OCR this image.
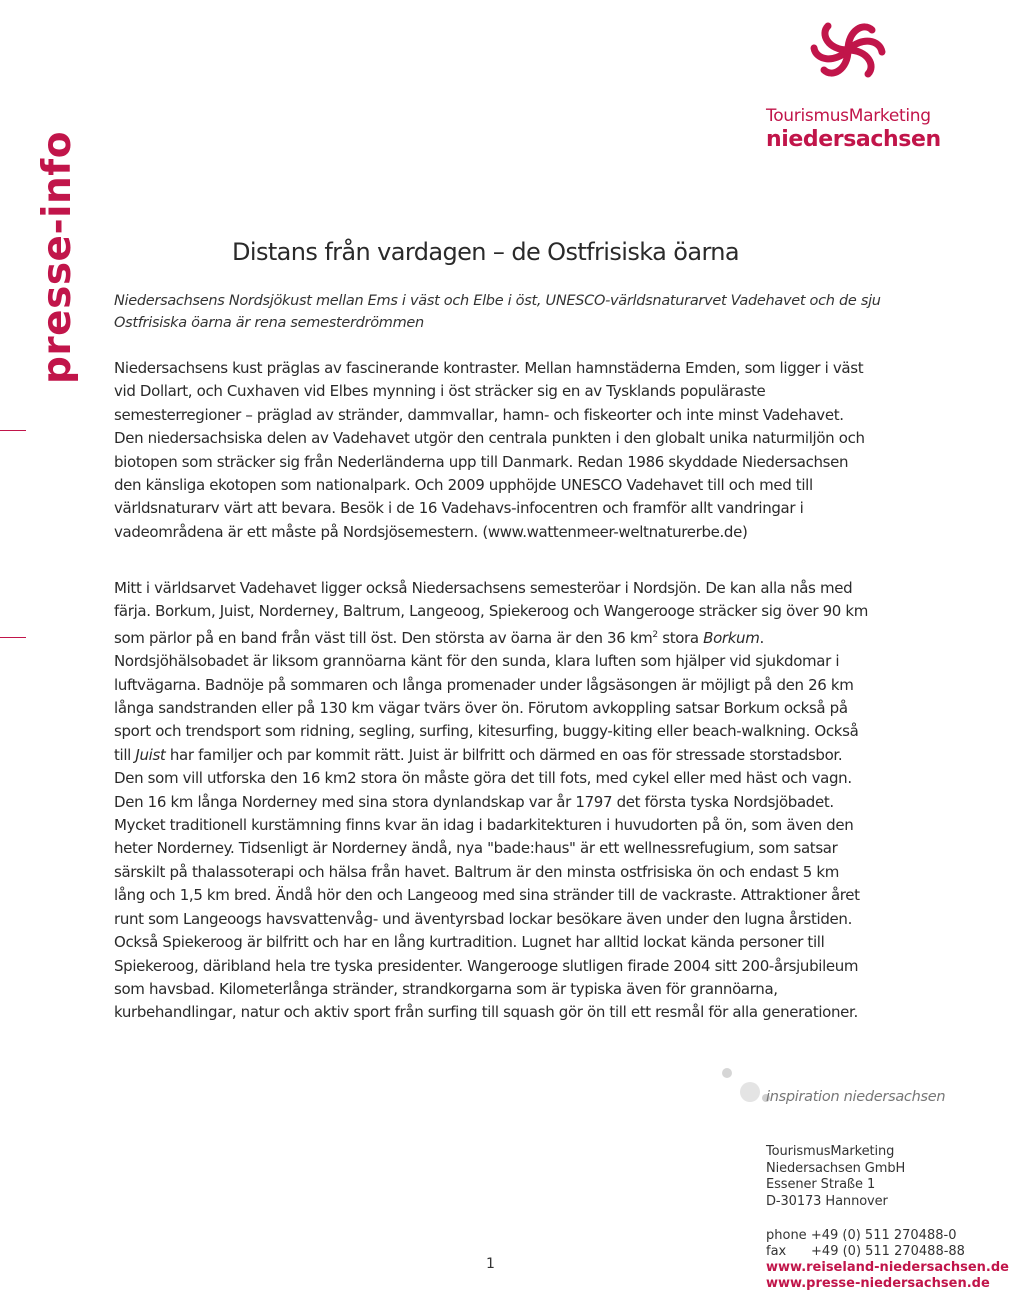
presse-info
TourismusMarketing
niedersachsen
Distans från vardagen – de Ostfrisiska öarna
Niedersachsens Nordsjökust mellan Ems i väst och Elbe i öst, UNESCO-världsnaturarvet Vadehavet och de sju Ostfrisiska öarna är rena semesterdrömmen

Niedersachsens kust präglas av fascinerande kontraster. Mellan hamnstäderna Emden, som ligger i väst vid Dollart, och Cuxhaven vid Elbes mynning i öst sträcker sig en av Tysklands populäraste semesterregioner – präglad av stränder, dammvallar, hamn- och fiskeorter och inte minst Vadehavet. Den niedersachsiska delen av Vadehavet utgör den centrala punkten i den globalt unika naturmiljön och biotopen som sträcker sig från Nederländerna upp till Danmark. Redan 1986 skyddade Niedersachsen den känsliga ekotopen som nationalpark. Och 2009 upphöjde UNESCO Vadehavet till och med till världsnaturarv värt att bevara. Besök i de 16 Vadehavs-infocentren och framför allt vandringar i vadeområdena är ett måste på Nordsjösemestern. (www.wattenmeer-weltnaturerbe.de)

Mitt i världsarvet Vadehavet ligger också Niedersachsens semesteröar i Nordsjön. De kan alla nås med färja. Borkum, Juist, Norderney, Baltrum, Langeoog, Spiekeroog och Wangerooge sträcker sig över 90 km som pärlor på en band från väst till öst. Den största av öarna är den 36 $km^2$ stora Borkum. Nordsjöhälsobadet är liksom grannöarna känt för den sunda, klara luften som hjälper vid sjukdomar i luftvägarna. Badnöje på sommaren och långa promenader under lågsäsongen är möjligt på den 26 km långa sandstranden eller på 130 km vägar tvärs över ön. Förutom avkoppling satsar Borkum också på sport och trendsport som ridning, segling, surfing, kitesurfing, buggy-kiting eller beach-walkning. Också till Juist har familjer och par kommit rätt. Juist är bilfritt och därmed en oas för stressade storstadsbor. Den som vill utforska den 16 km2 stora ön måste göra det till fots, med cykel eller med häst och vagn. Den 16 km långa Norderney med sina stora dynlandskap var år 1797 det första tyska Nordsjöbadet. Mycket traditionell kurstämning finns kvar än idag i badarkitekturen i huvudorten på ön, som även den heter Norderney. Tidsenligt är Norderney ändå, nya "bade:haus" är ett wellnessrefugium, som satsar särskilt på thalassoterapi och hälsa från havet. Baltrum är den minsta ostfrisiska ön och endast 5 km lång och 1,5 km bred. Ändå hör den och Langeoog med sina stränder till de vackraste. Attraktioner året runt som Langeoogs havsvattenvåg- und äventyrsbad lockar besökare även under den lugna årstiden. Också Spiekeroog är bilfritt och har en lång kurtradition. Lugnet har alltid lockat kända personer till Spiekeroog, däribland hela tre tyska presidenter. Wangerooge slutligen firade 2004 sitt 200-årsjubileum som havsbad. Kilometerlånga stränder, strandkorgarna som är typiska även för grannöarna, kurbehandlingar, natur och aktiv sport från surfing till squash gör ön till ett resmål för alla generationer.

inspiration niedersachsen
TourismusMarketing
Niedersachsen GmbH
Essener Straße 1
D-30173 Hannover
phone +49 (0) 511 270488-0
fax      +49 (0) 511 270488-88
www.reiseland-niedersachsen.de
www.presse-niedersachsen.de
1
